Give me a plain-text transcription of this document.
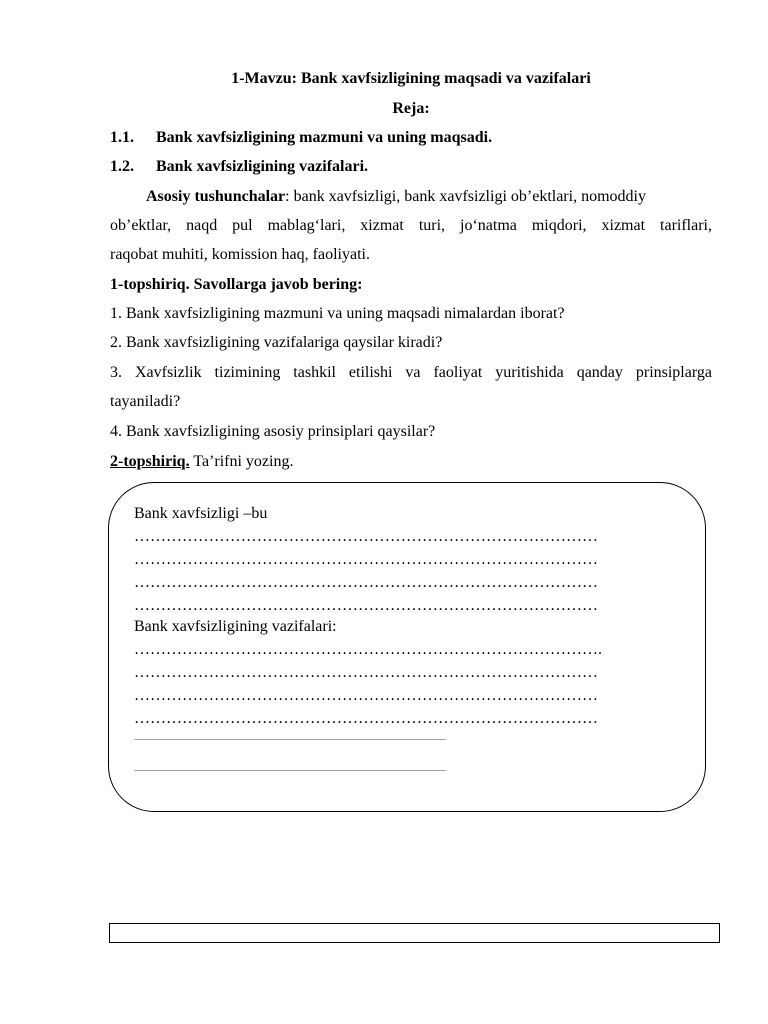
1-Mavzu: Bank xavfsizligining maqsadi va vazifalari
Reja:
1.1. Bank xavfsizligining mazmuni va uning maqsadi.
1.2. Bank xavfsizligining vazifalari.
Asosiy tushunchalar: bank xavfsizligi, bank xavfsizligi ob’ektlari, nomoddiy
ob’ektlar, naqd pul mablag‘lari, xizmat turi, jo‘natma miqdori, xizmat tariflari,
raqobat muhiti, komission haq, faoliyati.
1-topshiriq. Savollarga javob bering:
1. Bank xavfsizligining mazmuni va uning maqsadi nimalardan iborat?
2. Bank xavfsizligining vazifalariga qaysilar kiradi?
3. Xavfsizlik tizimining tashkil etilishi va faoliyat yuritishida qanday prinsiplarga
tayaniladi?
4. Bank xavfsizligining asosiy prinsiplari qaysilar?
2-topshiriq. Ta’rifni yozing.
Bank xavfsizligi –bu
……………………………………………………………………………
……………………………………………………………………………
……………………………………………………………………………
……………………………………………………………………………
Bank xavfsizligining vazifalari:
…………………………………………………………………………….
……………………………………………………………………………
……………………………………………………………………………
……………………………………………………………………………
............................................................................................................................................................
............................................................................................................................................................
